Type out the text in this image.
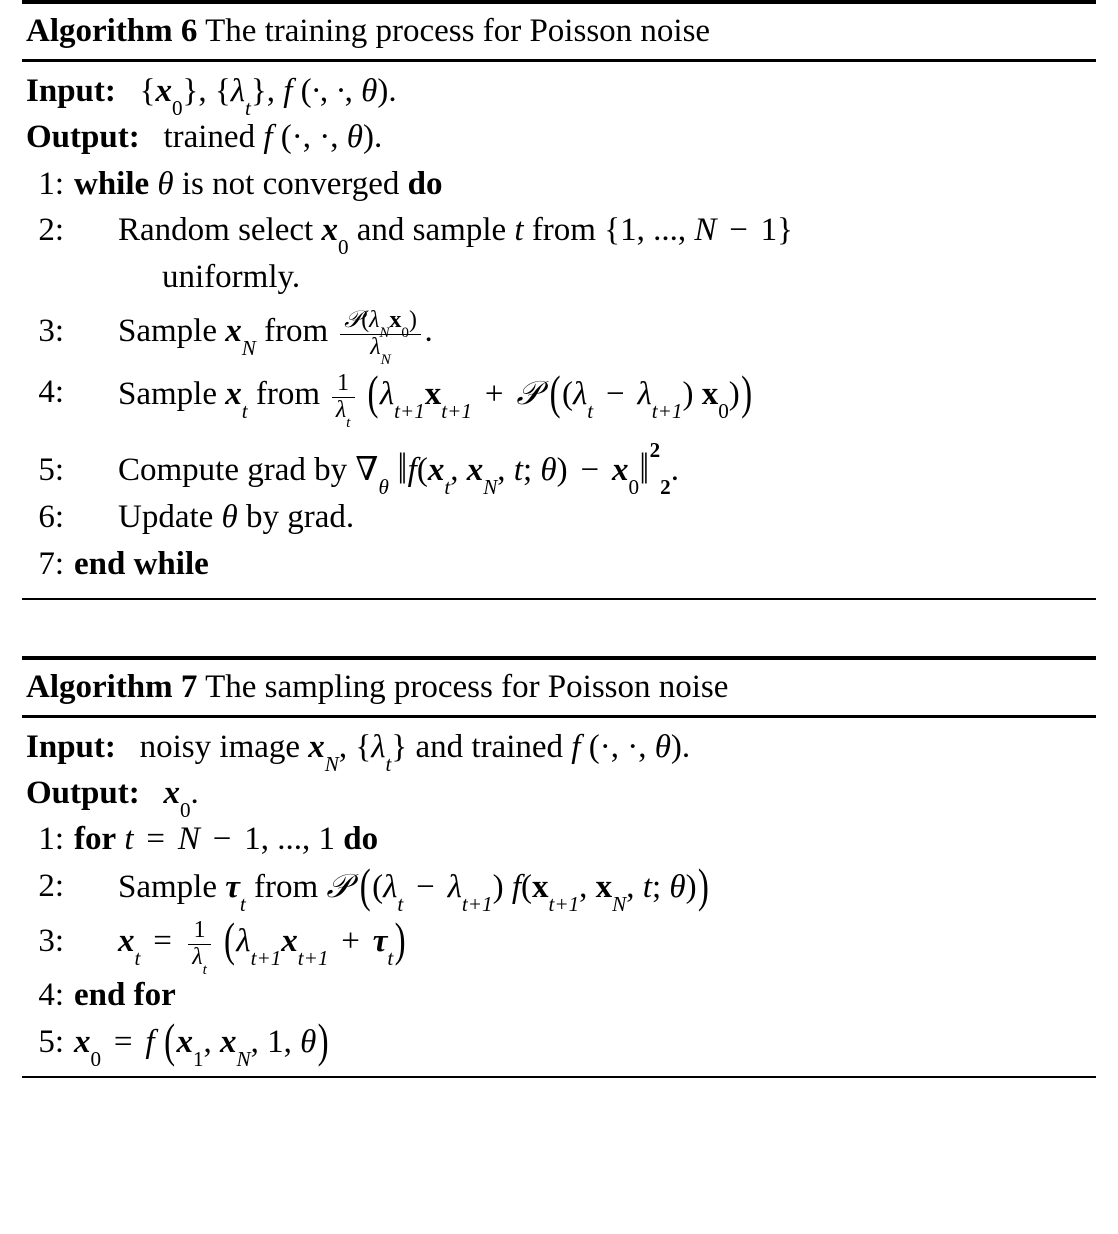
Algorithm 6 The training process for Poisson noise
Input: $\{x_0\}$, $\{\lambda_t\}$, f (·, ·, θ).
Output: trained f (·, ·, θ).
1: while θ is not converged do
2:	Random select $x_0$ and sample t from {1, ..., N − 1}
uniformly.
3:	Sample $x_N$ from $\frac{𝒫(\lambda_Nx_0)}{\lambda_N}$ .
4:	Sample $x_t$ from $\frac{1}{\lambda_t} (\lambda_{t+1}x_{t+1}$ + 𝒫 ($(\lambda_t - \lambda_{t+1})$ $x_0$))
5:	Compute grad by $\nabla_\theta$ $‖f(x_t$, $x_N$, t; $\theta) - x_0‖^2_2$.
6:	Update θ by grad.
7: end while
Algorithm 7 The sampling process for Poisson noise
Input: noisy image $x_N$, $\{\lambda_t\}$ and trained f (·, ·, θ).
Output: $x_0$.
1: for t = N − 1, ..., 1 do
2:	Sample $\tau_t$ from 𝒫 ($(\lambda_t - \lambda_{t+1})$ $f(x_{t+1}$, $x_N$, t; θ))
3:	$x_t = \frac{1}{\lambda_t} (\lambda_{t+1}x_{t+1} + \tau_t)$
4: end for
5: $x_0 = f$ ($x_1$, $x_N$, 1, θ)
